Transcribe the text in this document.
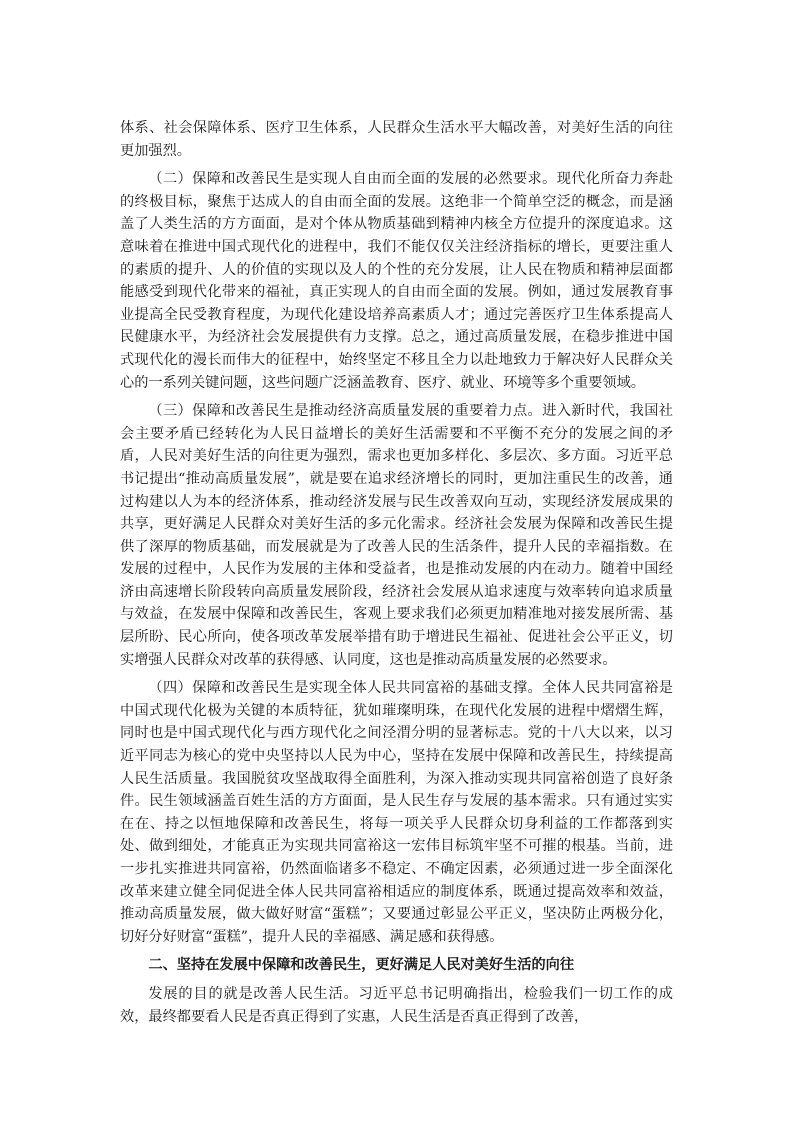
体系、社会保障体系、医疗卫生体系，人民群众生活水平大幅改善，对美好生活的向往更加强烈。

（二）保障和改善民生是实现人自由而全面的发展的必然要求。现代化所奋力奔赴的终极目标，聚焦于达成人的自由而全面的发展。这绝非一个简单空泛的概念，而是涵盖了人类生活的方方面面，是对个体从物质基础到精神内核全方位提升的深度追求。这意味着在推进中国式现代化的进程中，我们不能仅仅关注经济指标的增长，更要注重人的素质的提升、人的价值的实现以及人的个性的充分发展，让人民在物质和精神层面都能感受到现代化带来的福祉，真正实现人的自由而全面的发展。例如，通过发展教育事业提高全民受教育程度，为现代化建设培养高素质人才；通过完善医疗卫生体系提高人民健康水平，为经济社会发展提供有力支撑。总之，通过高质量发展，在稳步推进中国式现代化的漫长而伟大的征程中，始终坚定不移且全力以赴地致力于解决好人民群众关心的一系列关键问题，这些问题广泛涵盖教育、医疗、就业、环境等多个重要领域。

（三）保障和改善民生是推动经济高质量发展的重要着力点。进入新时代，我国社会主要矛盾已经转化为人民日益增长的美好生活需要和不平衡不充分的发展之间的矛盾，人民对美好生活的向往更为强烈，需求也更加多样化、多层次、多方面。习近平总书记提出“推动高质量发展”，就是要在追求经济增长的同时，更加注重民生的改善，通过构建以人为本的经济体系，推动经济发展与民生改善双向互动，实现经济发展成果的共享，更好满足人民群众对美好生活的多元化需求。经济社会发展为保障和改善民生提供了深厚的物质基础，而发展就是为了改善人民的生活条件，提升人民的幸福指数。在发展的过程中，人民作为发展的主体和受益者，也是推动发展的内在动力。随着中国经济由高速增长阶段转向高质量发展阶段，经济社会发展从追求速度与效率转向追求质量与效益，在发展中保障和改善民生，客观上要求我们必须更加精准地对接发展所需、基层所盼、民心所向，使各项改革发展举措有助于增进民生福祉、促进社会公平正义，切实增强人民群众对改革的获得感、认同度，这也是推动高质量发展的必然要求。

（四）保障和改善民生是实现全体人民共同富裕的基础支撑。全体人民共同富裕是中国式现代化极为关键的本质特征，犹如璀璨明珠，在现代化发展的进程中熠熠生辉，同时也是中国式现代化与西方现代化之间泾渭分明的显著标志。党的十八大以来，以习近平同志为核心的党中央坚持以人民为中心，坚持在发展中保障和改善民生，持续提高人民生活质量。我国脱贫攻坚战取得全面胜利，为深入推动实现共同富裕创造了良好条件。民生领域涵盖百姓生活的方方面面，是人民生存与发展的基本需求。只有通过实实在在、持之以恒地保障和改善民生，将每一项关乎人民群众切身利益的工作都落到实处、做到细处，才能真正为实现共同富裕这一宏伟目标筑牢坚不可摧的根基。当前，进一步扎实推进共同富裕，仍然面临诸多不稳定、不确定因素，必须通过进一步全面深化改革来建立健全同促进全体人民共同富裕相适应的制度体系，既通过提高效率和效益，推动高质量发展，做大做好财富“蛋糕”；又要通过彰显公平正义，坚决防止两极分化，切好分好财富“蛋糕”，提升人民的幸福感、满足感和获得感。

二、坚持在发展中保障和改善民生，更好满足人民对美好生活的向往

发展的目的就是改善人民生活。习近平总书记明确指出，检验我们一切工作的成效，最终都要看人民是否真正得到了实惠，人民生活是否真正得到了改善，
